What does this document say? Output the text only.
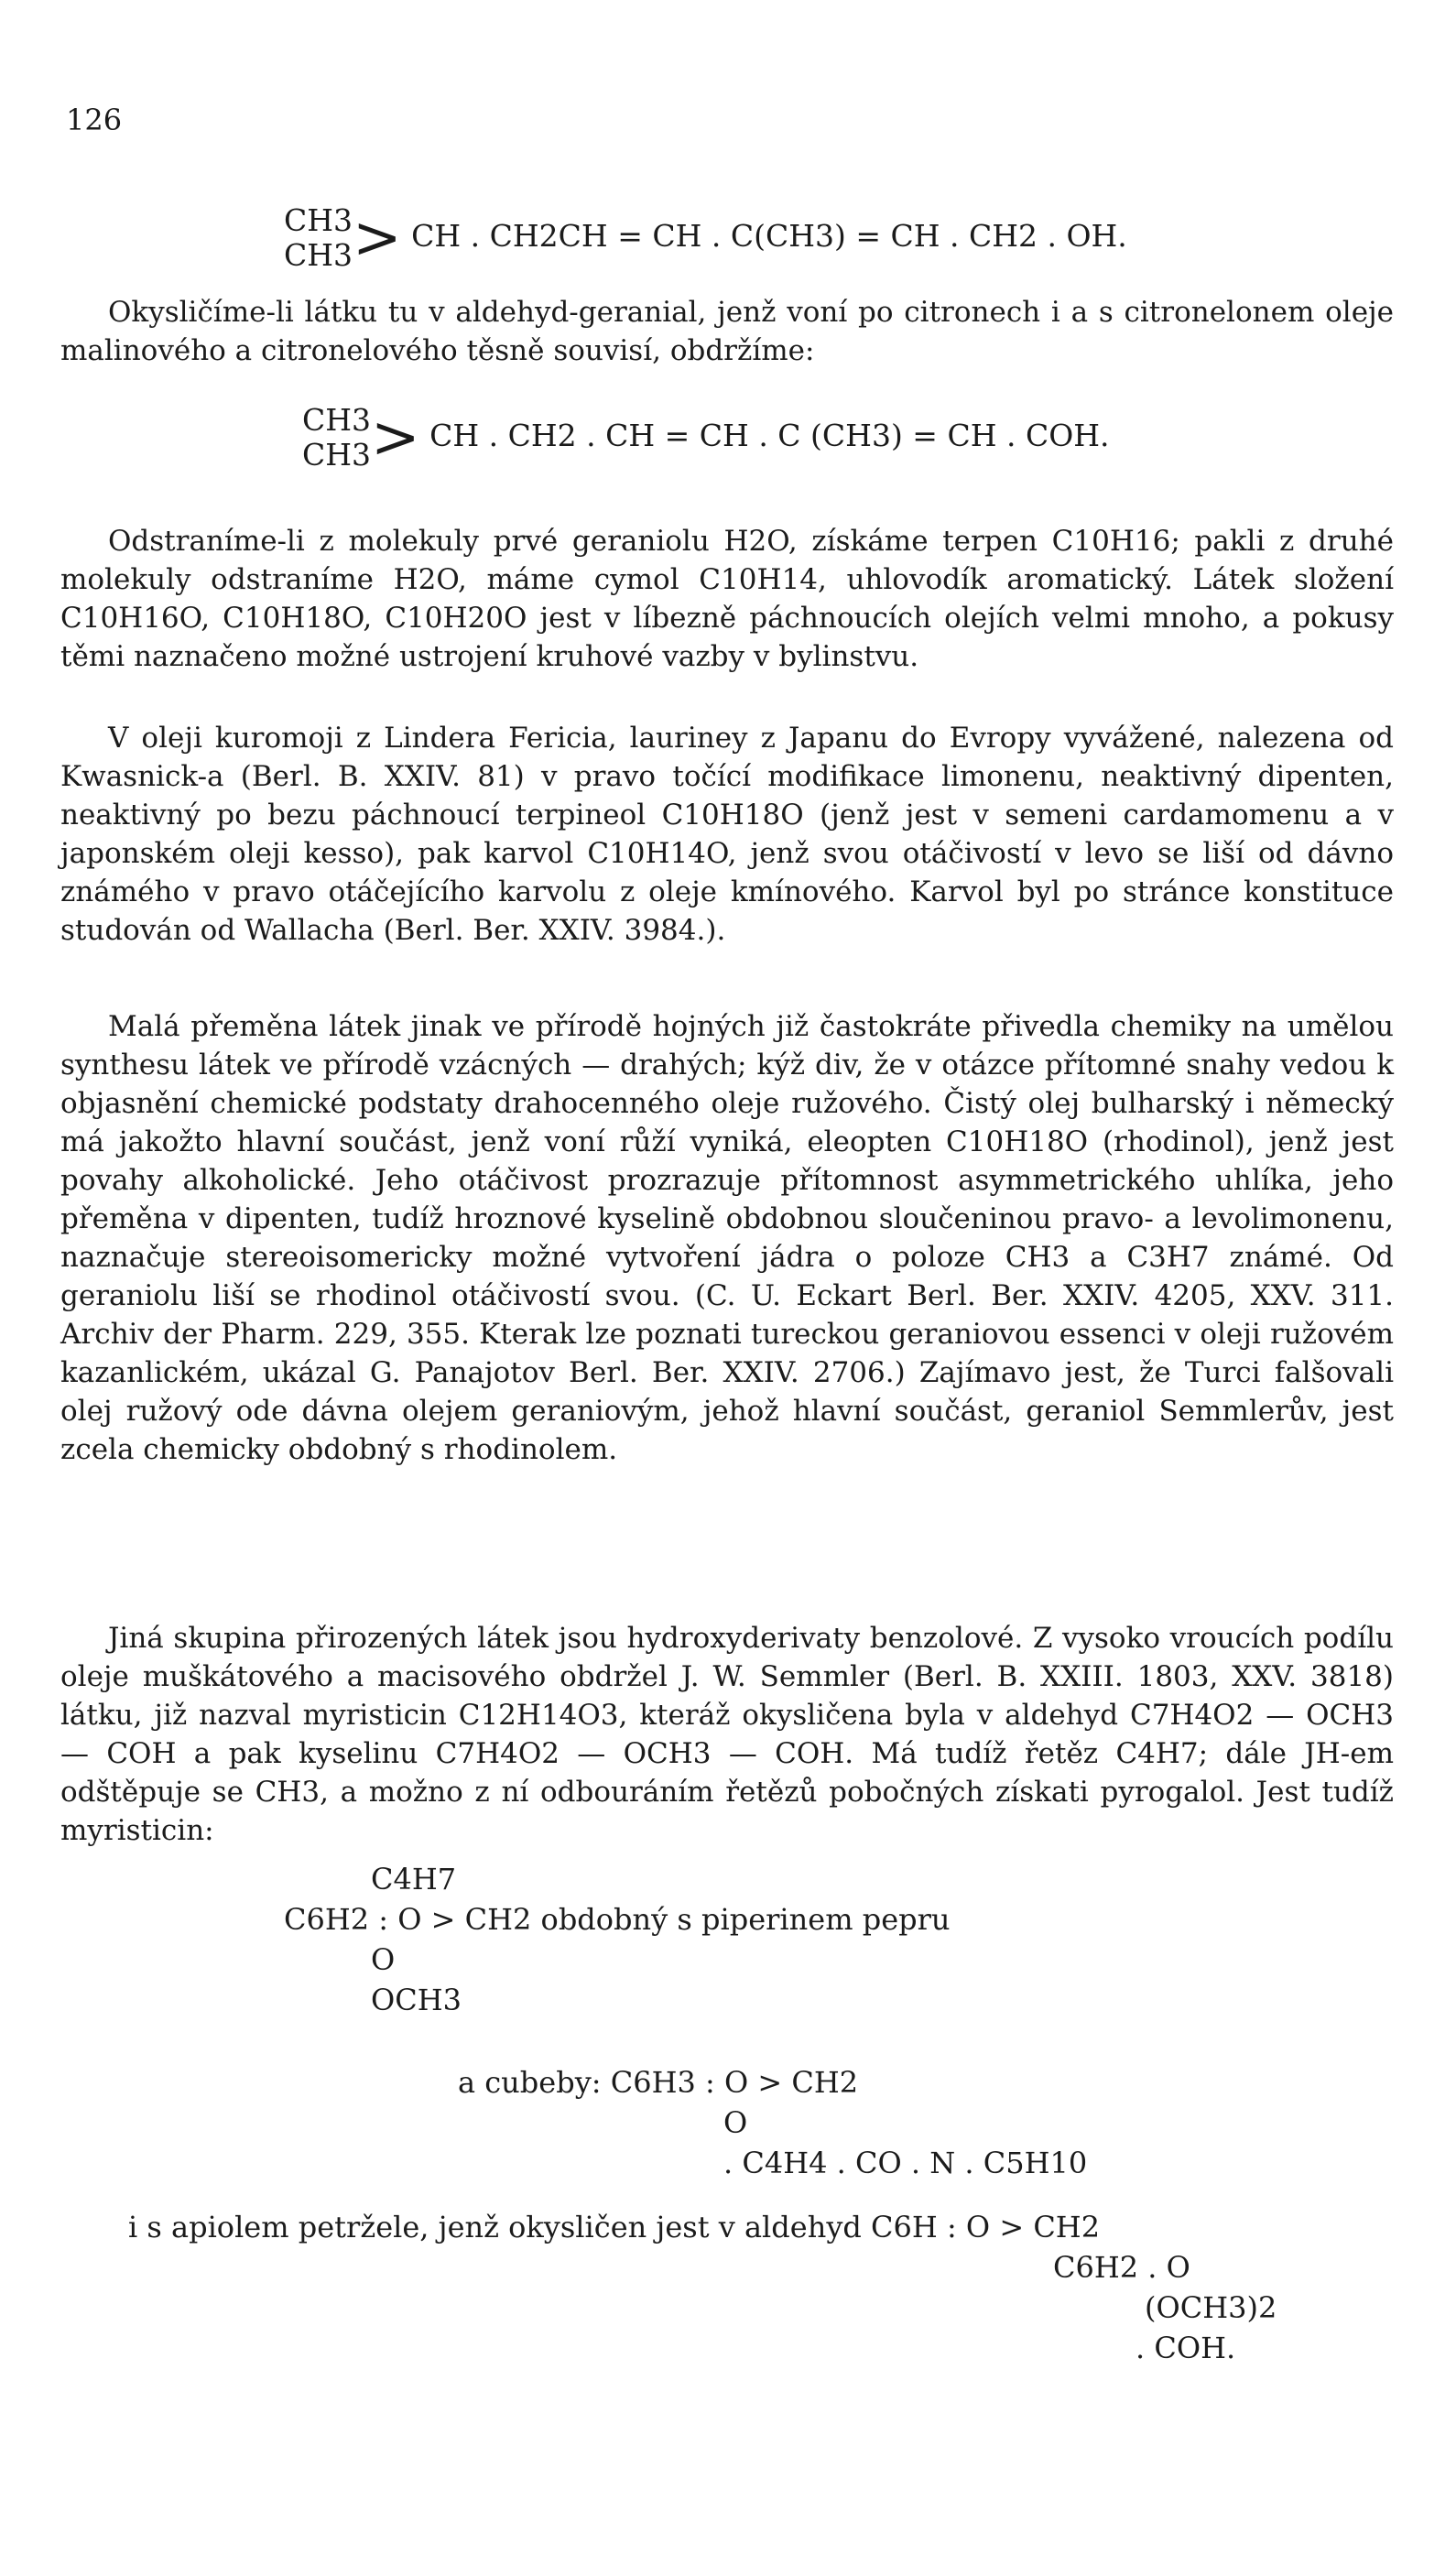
126
CH3
CH3 > CH . CH2CH = CH . C(CH3) = CH . CH2 . OH.

Okysličíme-li látku tu v aldehyd-geranial, jenž voní po citronech i a s citronelonem oleje malinového a citronelového těsně souvisí, obdržíme:

CH3
CH3 > CH . CH2 . CH = CH . C (CH3) = CH . COH.

Odstraníme-li z molekuly prvé geraniolu H2O, získáme terpen C10H16; pakli z druhé molekuly odstraníme H2O, máme cymol C10H14, uhlovodík aromatický. Látek složení C10H16O, C10H18O, C10H20O jest v líbezně páchnoucích olejích velmi mnoho, a pokusy těmi naznačeno možné ustrojení kruhové vazby v bylinstvu.

V oleji kuromoji z Lindera Fericia, lauriney z Japanu do Evropy vyvážené, nalezena od Kwasnick-a (Berl. B. XXIV. 81) v pravo točící modifikace limonenu, neaktivný dipenten, neaktivný po bezu páchnoucí terpineol C10H18O (jenž jest v semeni cardamomenu a v japonském oleji kesso), pak karvol C10H14O, jenž svou otáčivostí v levo se liší od dávno známého v pravo otáčejícího karvolu z oleje kmínového. Karvol byl po stránce konstituce studován od Wallacha (Berl. Ber. XXIV. 3984.).

Malá přeměna látek jinak ve přírodě hojných již častokráte přivedla chemiky na umělou synthesu látek ve přírodě vzácných — drahých; kýž div, že v otázce přítomné snahy vedou k objasnění chemické podstaty drahocenného oleje ružového. Čistý olej bulharský i německý má jakožto hlavní součást, jenž voní růží vyniká, eleopten C10H18O (rhodinol), jenž jest povahy alkoholické. Jeho otáčivost prozrazuje přítomnost asymmetrického uhlíka, jeho přeměna v dipenten, tudíž hroznové kyselině obdobnou sloučeninou pravo- a levolimonenu, naznačuje stereoisomericky možné vytvoření jádra o poloze CH3 a C3H7 známé. Od geraniolu liší se rhodinol otáčivostí svou. (C. U. Eckart Berl. Ber. XXIV. 4205, XXV. 311. Archiv der Pharm. 229, 355. Kterak lze poznati tureckou geraniovou essenci v oleji ružovém kazanlickém, ukázal G. Panajotov Berl. Ber. XXIV. 2706.) Zajímavo jest, že Turci falšovali olej ružový ode dávna olejem geraniovým, jehož hlavní součást, geraniol Semmlerův, jest zcela chemicky obdobný s rhodinolem.

Jiná skupina přirozených látek jsou hydroxyderivaty benzolové. Z vysoko vroucích podílu oleje muškátového a macisového obdržel J. W. Semmler (Berl. B. XXIII. 1803, XXV. 3818) látku, již nazval myristicin C12H14O3, kteráž okysličena byla v aldehyd C7H4O2 — OCH3 — COH a pak kyselinu C7H4O2 — OCH3 — COH. Má tudíž řetěz C4H7; dále JH-em odštěpuje se CH3, a možno z ní odbouráním řetězů pobočných získati pyrogalol. Jest tudíž myristicin:

C4H7
C6H2 : O > CH2 obdobný s piperinem pepru
O
OCH3
a cubeby: C6H3 : O > CH2
O
. C4H4 . CO . N . C5H10
i s apiolem petržele, jenž okysličen jest v aldehyd C6H : O > CH2
C6H2 . O
(OCH3)2
. COH.
